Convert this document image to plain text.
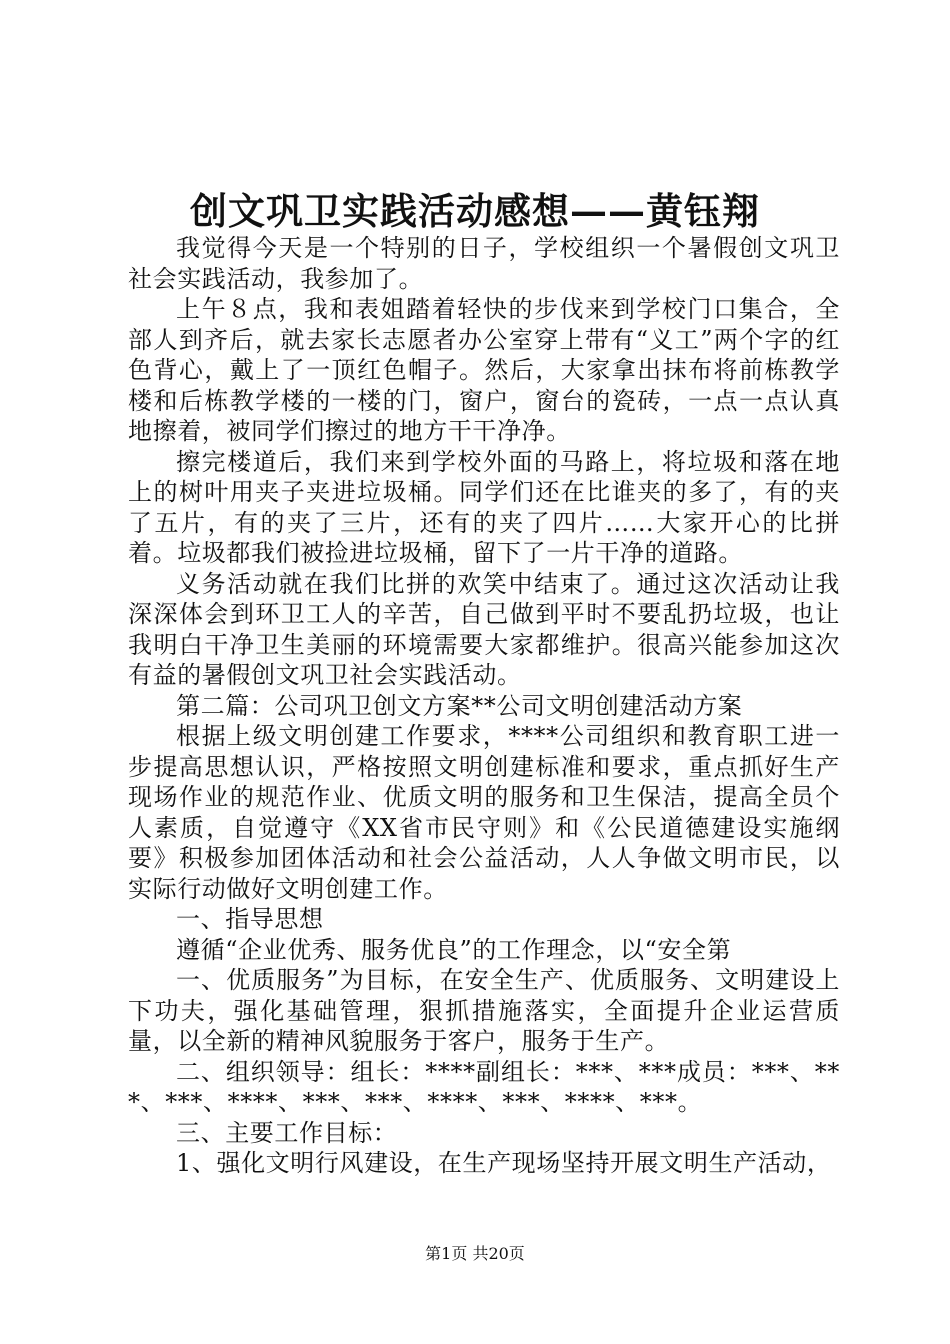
创文巩卫实践活动感想——黄钰翔

我觉得今天是一个特别的日子，学校组织一个暑假创文巩卫社会实践活动，我参加了。

上午８点，我和表姐踏着轻快的步伐来到学校门口集合，全部人到齐后，就去家长志愿者办公室穿上带有“义工”两个字的红色背心，戴上了一顶红色帽子。然后，大家拿出抹布将前栋教学楼和后栋教学楼的一楼的门，窗户，窗台的瓷砖，一点一点认真地擦着，被同学们擦过的地方干干净净。

擦完楼道后，我们来到学校外面的马路上，将垃圾和落在地上的树叶用夹子夹进垃圾桶。同学们还在比谁夹的多了，有的夹了五片，有的夹了三片，还有的夹了四片……大家开心的比拼着。垃圾都我们被捡进垃圾桶，留下了一片干净的道路。

义务活动就在我们比拼的欢笑中结束了。通过这次活动让我深深体会到环卫工人的辛苦，自己做到平时不要乱扔垃圾，也让我明白干净卫生美丽的环境需要大家都维护。很高兴能参加这次有益的暑假创文巩卫社会实践活动。

第二篇：公司巩卫创文方案**公司文明创建活动方案

根据上级文明创建工作要求，****公司组织和教育职工进一步提高思想认识，严格按照文明创建标准和要求，重点抓好生产现场作业的规范作业、优质文明的服务和卫生保洁，提高全员个人素质，自觉遵守《XX省市民守则》和《公民道德建设实施纲要》积极参加团体活动和社会公益活动，人人争做文明市民，以实际行动做好文明创建工作。

一、指导思想

遵循“企业优秀、服务优良”的工作理念，以“安全第

一、优质服务”为目标，在安全生产、优质服务、文明建设上下功夫，强化基础管理，狠抓措施落实，全面提升企业运营质量，以全新的精神风貌服务于客户，服务于生产。

二、组织领导：组长：****副组长：***、***成员：***、***、***、****、***、***、****、***、****、***。

三、主要工作目标：

1、强化文明行风建设，在生产现场坚持开展文明生产活动，

第1页 共20页
